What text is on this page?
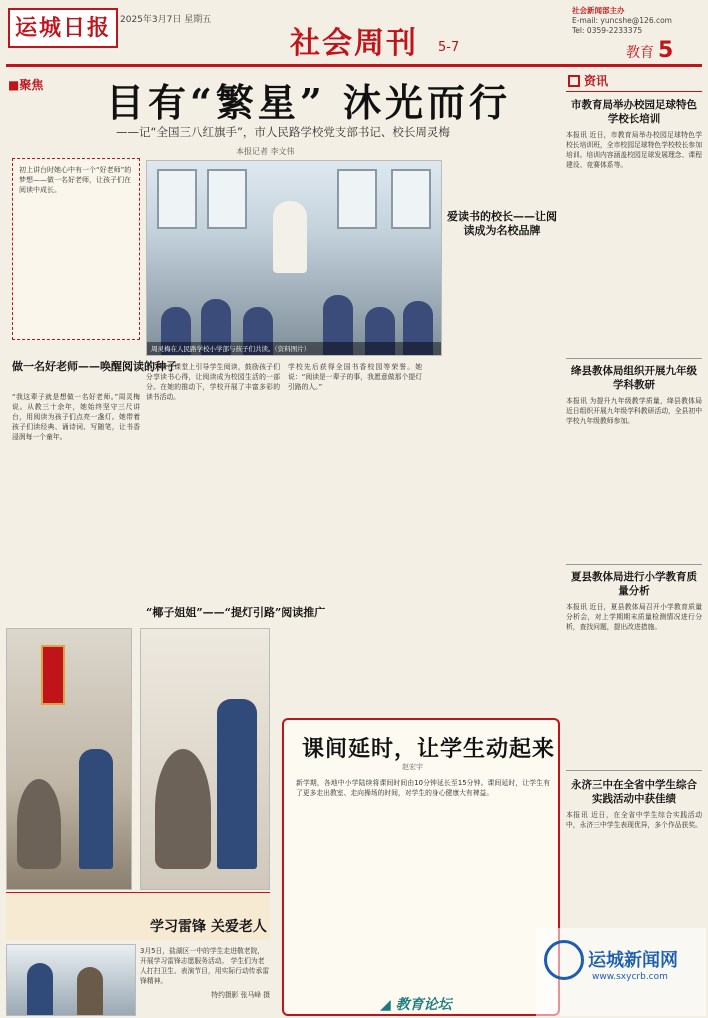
运城日报	2025年3月7日 星期五
社会周刊 5-7
社会新闻部主办
E-mail: yuncshe@126.com
Tel: 0359-2233375
教育 5
■聚焦 目有“繁星” 沐光而行
——记“全国三八红旗手”，市人民路学校党支部书记、校长周灵梅
本报记者 李文伟
初上讲台时她心中有一个“好老师”的梦想——做一名好老师，让孩子们在阅读中成长。
周灵梅在人民路学校小学部与孩子们共读。（资料图片）
做一名好老师——唤醒阅读的种子
“我这辈子就是想做一名好老师。”周灵梅说。从教三十余年，她始终坚守三尺讲台，用阅读为孩子们点亮一盏灯。她带着孩子们读经典、诵诗词、写随笔，让书香浸润每一个童年。
周灵梅在课堂上引导学生阅读，鼓励孩子们分享读书心得，让阅读成为校园生活的一部分。在她的推动下，学校开展了丰富多彩的读书活动。
“椰子姐姐”——“提灯引路”阅读推广
学校先后获得全国书香校园等荣誉。她说：“阅读是一辈子的事，我愿意做那个提灯引路的人。”
爱读书的校长——让阅读成为名校品牌
学习雷锋 关爱老人
3月5日，盐湖区一中的学生走进敬老院，开展学习雷锋志愿服务活动。 学生们为老人打扫卫生、表演节目，用实际行动传承雷锋精神。
特约摄影 张马峰 摄
课间延时，让学生动起来
赵宏宇
新学期，各地中小学陆续将课间时间由10分钟延长至15分钟。课间延时，让学生有了更多走出教室、走向操场的时间，对学生的身心健康大有裨益。
◢ 教育论坛
资讯
市教育局举办校园足球特色学校长培训
本报讯 近日，市教育局举办校园足球特色学校长培训班，全市校园足球特色学校校长参加培训。培训内容涵盖校园足球发展理念、课程建设、竞赛体系等。
绛县教体局组织开展九年级学科教研
本报讯 为提升九年级教学质量，绛县教体局近日组织开展九年级学科教研活动，全县初中学校九年级教师参加。
夏县教体局进行小学教育质量分析
本报讯 近日，夏县教体局召开小学教育质量分析会，对上学期期末质量检测情况进行分析，查找问题，提出改进措施。
永济三中在全省中学生综合实践活动中获佳绩
本报讯 近日，在全省中学生综合实践活动中，永济三中学生表现优异，多个作品获奖。
运城新闻网
www.sxycrb.com
